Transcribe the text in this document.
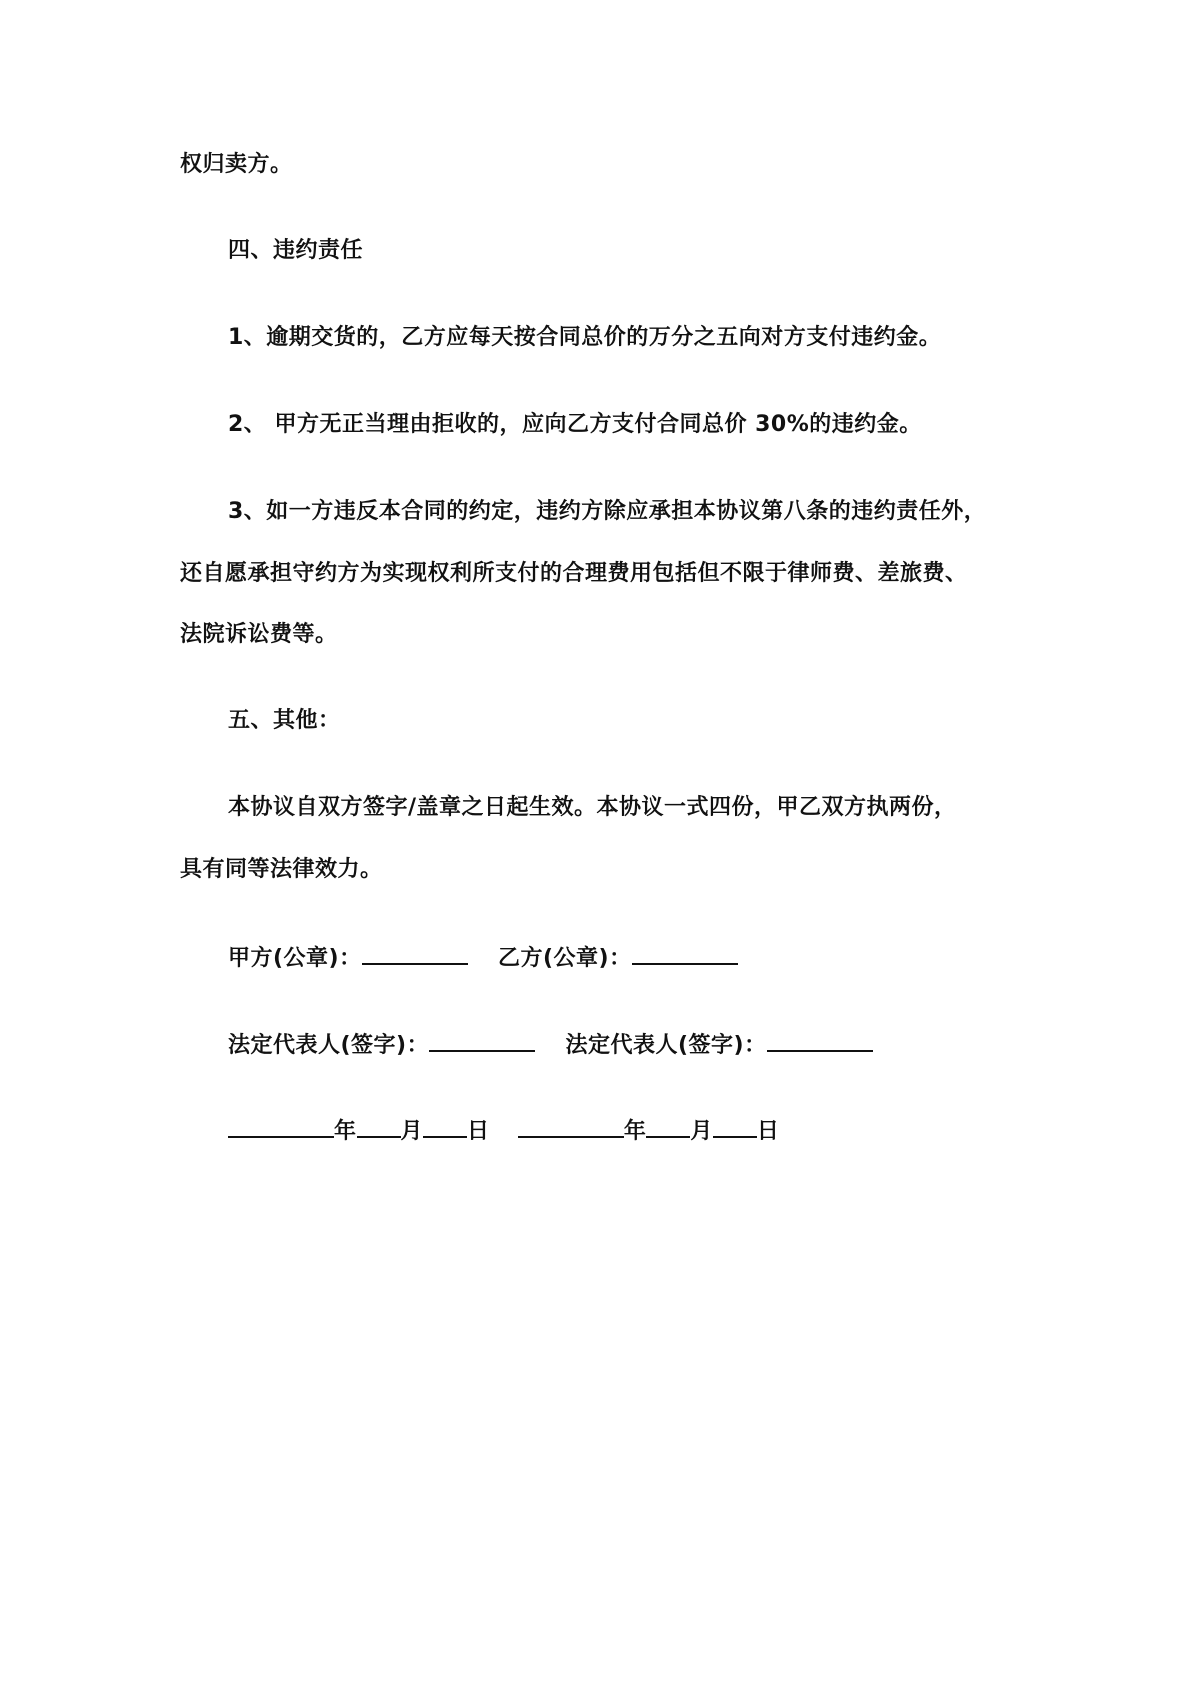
权归卖方。
四、违约责任
1、逾期交货的，乙方应每天按合同总价的万分之五向对方支付违约金。
2、 甲方无正当理由拒收的，应向乙方支付合同总价 30%的违约金。
3、如一方违反本合同的约定，违约方除应承担本协议第八条的违约责任外，
还自愿承担守约方为实现权利所支付的合理费用包括但不限于律师费、差旅费、
法院诉讼费等。
五、其他：
本协议自双方签字/盖章之日起生效。本协议一式四份，甲乙双方执两份，
具有同等法律效力。
甲方(公章)：	乙方(公章)：
法定代表人(签字)：	法定代表人(签字)：
年 月 日	年 月 日
